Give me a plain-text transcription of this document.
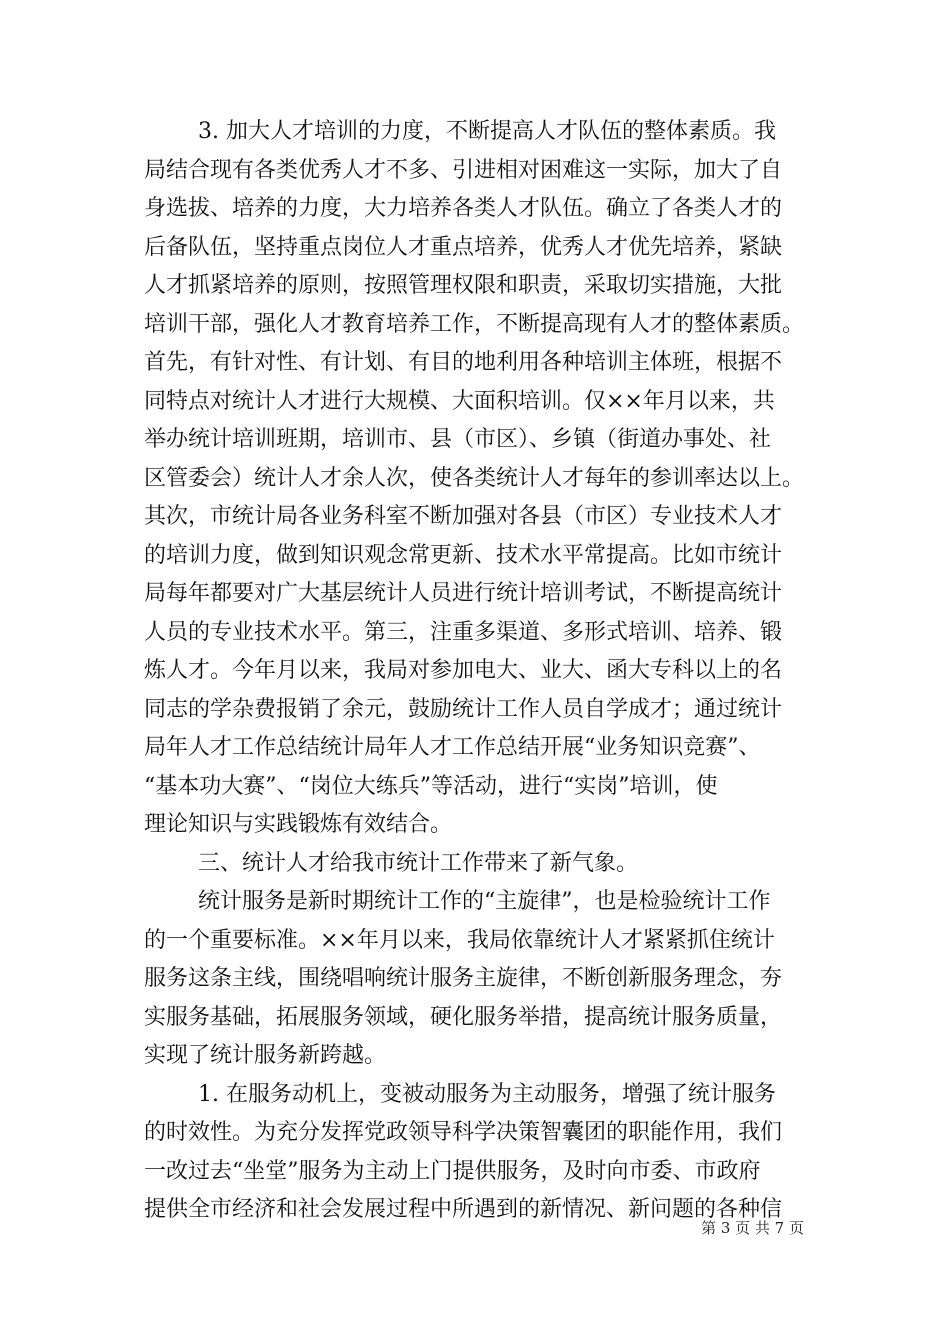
3. 加大人才培训的力度，不断提高人才队伍的整体素质。我
局结合现有各类优秀人才不多、引进相对困难这一实际，加大了自
身选拔、培养的力度，大力培养各类人才队伍。确立了各类人才的
后备队伍，坚持重点岗位人才重点培养，优秀人才优先培养，紧缺
人才抓紧培养的原则，按照管理权限和职责，采取切实措施，大批
培训干部，强化人才教育培养工作，不断提高现有人才的整体素质。
首先，有针对性、有计划、有目的地利用各种培训主体班，根据不
同特点对统计人才进行大规模、大面积培训。仅××年月以来，共
举办统计培训班期，培训市、县（市区）、乡镇（街道办事处、社
区管委会）统计人才余人次，使各类统计人才每年的参训率达以上。
其次，市统计局各业务科室不断加强对各县（市区）专业技术人才
的培训力度，做到知识观念常更新、技术水平常提高。比如市统计
局每年都要对广大基层统计人员进行统计培训考试，不断提高统计
人员的专业技术水平。第三，注重多渠道、多形式培训、培养、锻
炼人才。今年月以来，我局对参加电大、业大、函大专科以上的名
同志的学杂费报销了余元，鼓励统计工作人员自学成才；通过统计
局年人才工作总结统计局年人才工作总结开展“业务知识竞赛”、
“基本功大赛”、“岗位大练兵”等活动，进行“实岗”培训，使
理论知识与实践锻炼有效结合。
三、统计人才给我市统计工作带来了新气象。
统计服务是新时期统计工作的“主旋律”，也是检验统计工作
的一个重要标准。××年月以来，我局依靠统计人才紧紧抓住统计
服务这条主线，围绕唱响统计服务主旋律，不断创新服务理念，夯
实服务基础，拓展服务领域，硬化服务举措，提高统计服务质量，
实现了统计服务新跨越。
1. 在服务动机上，变被动服务为主动服务，增强了统计服务
的时效性。为充分发挥党政领导科学决策智囊团的职能作用，我们
一改过去“坐堂”服务为主动上门提供服务，及时向市委、市政府
提供全市经济和社会发展过程中所遇到的新情况、新问题的各种信
第 3 页 共 7 页
